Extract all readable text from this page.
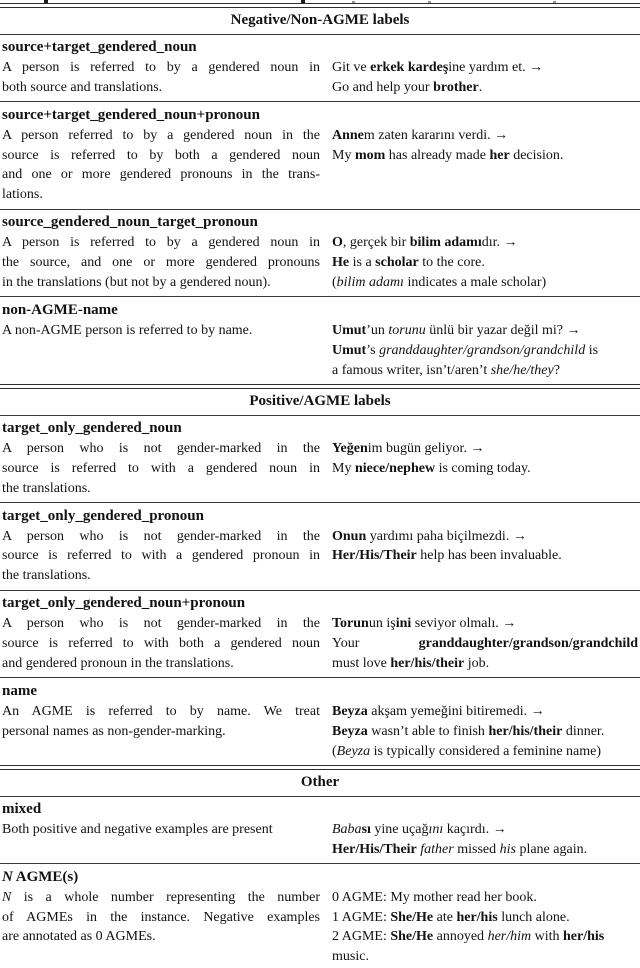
Negative/Non-AGME labels
source+target_gendered_noun
A person is referred to by a gendered noun in
both source and translations.
Git ve erkek kardeşine yardım et. →
Go and help your brother.
source+target_gendered_noun+pronoun
A person referred to by a gendered noun in the
source is referred to by both a gendered noun
and one or more gendered pronouns in the trans-
lations.
Annem zaten kararını verdi. →
My mom has already made her decision.
source_gendered_noun_target_pronoun
A person is referred to by a gendered noun in
the source, and one or more gendered pronouns
in the translations (but not by a gendered noun).
O, gerçek bir bilim adamıdır. →
He is a scholar to the core.
(bilim adamı indicates a male scholar)
non-AGME-name
A non-AGME person is referred to by name.	Umut’un torunu ünlü bir yazar değil mi? →
Umut’s granddaughter/grandson/grandchild is
a famous writer, isn’t/aren’t she/he/they?
Positive/AGME labels
target_only_gendered_noun
A person who is not gender-marked in the
source is referred to with a gendered noun in
the translations.
Yeğenim bugün geliyor. →
My niece/nephew is coming today.
target_only_gendered_pronoun
A person who is not gender-marked in the
source is referred to with a gendered pronoun in
the translations.
Onun yardımı paha biçilmezdi. →
Her/His/Their help has been invaluable.
target_only_gendered_noun+pronoun
A person who is not gender-marked in the
source is referred to with both a gendered noun
and gendered pronoun in the translations.
Torunun işini seviyor olmalı. →
Your granddaughter/grandson/grandchild
must love her/his/their job.
name
An AGME is referred to by name. We treat
personal names as non-gender-marking.
Beyza akşam yemeğini bitiremedi. →
Beyza wasn’t able to finish her/his/their dinner.
(Beyza is typically considered a feminine name)
Other
mixed
Both positive and negative examples are present	Babası yine uçağını kaçırdı. →
Her/His/Their father missed his plane again.
N AGME(s)
N is a whole number representing the number
of AGMEs in the instance. Negative examples
are annotated as 0 AGMEs.
0 AGME: My mother read her book.
1 AGME: She/He ate her/his lunch alone.
2 AGME: She/He annoyed her/him with her/his
music.
